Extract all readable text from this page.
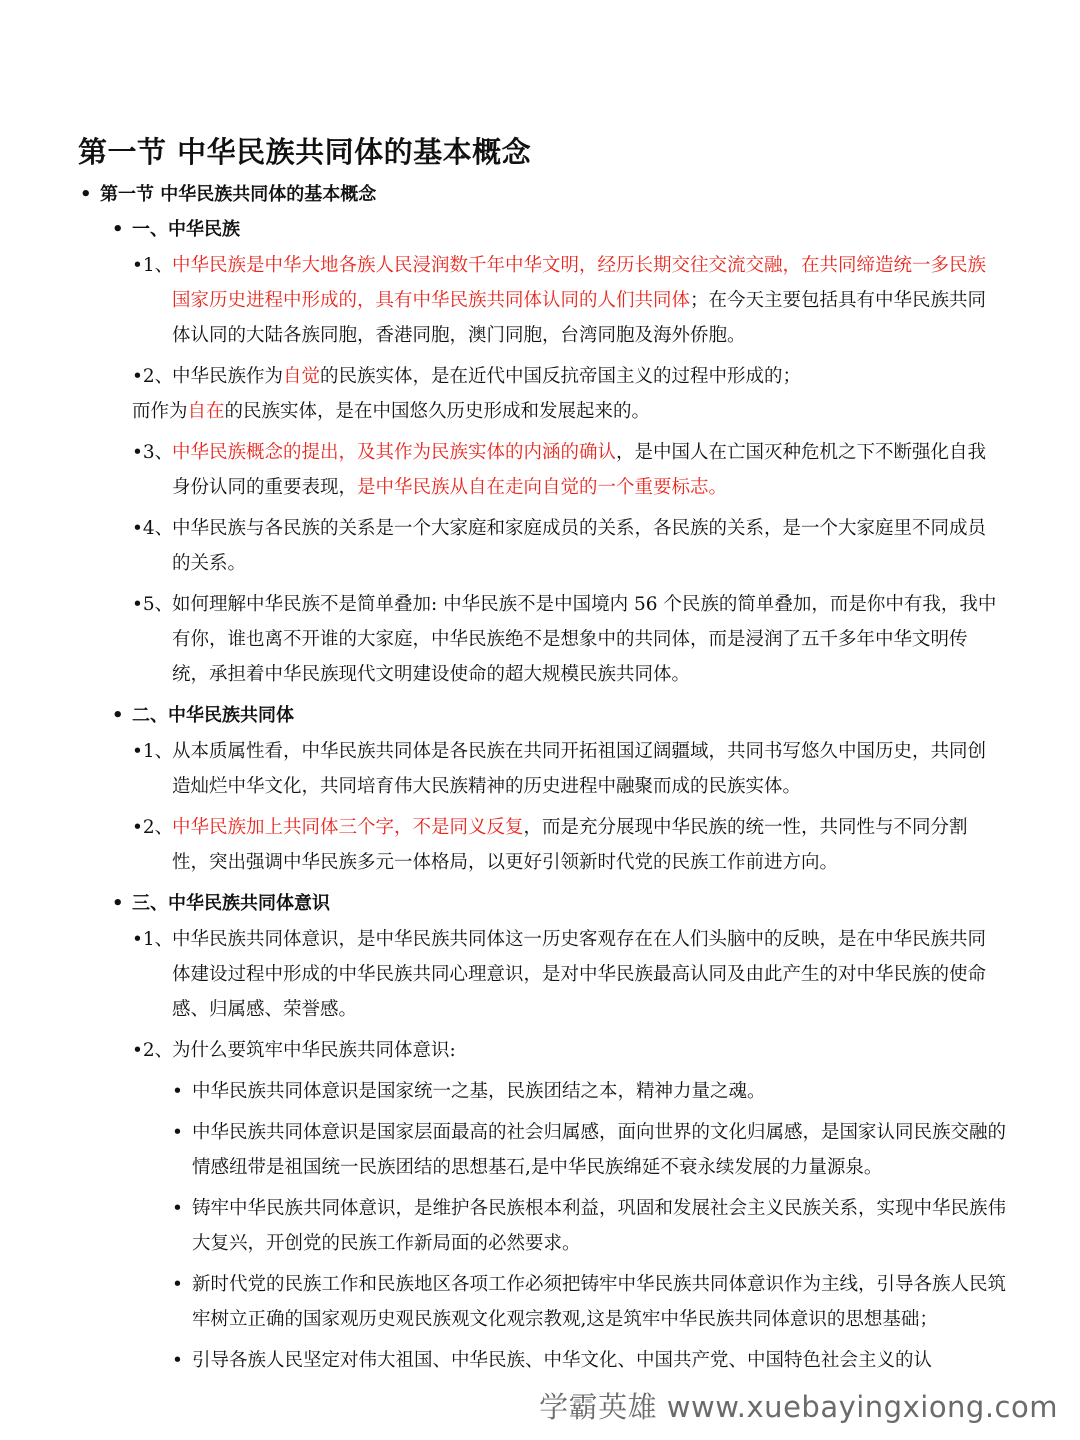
第一节 中华民族共同体的基本概念
• 第一节 中华民族共同体的基本概念
• 一、中华民族
•1、中华民族是中华大地各族人民浸润数千年中华文明，经历长期交往交流交融，在共同缔造统一多民族国家历史进程中形成的，具有中华民族共同体认同的人们共同体；在今天主要包括具有中华民族共同体认同的大陆各族同胞，香港同胞，澳门同胞，台湾同胞及海外侨胞。
•2、中华民族作为自觉的民族实体，是在近代中国反抗帝国主义的过程中形成的；
而作为自在的民族实体，是在中国悠久历史形成和发展起来的。
•3、中华民族概念的提出，及其作为民族实体的内涵的确认，是中国人在亡国灭种危机之下不断强化自我身份认同的重要表现，是中华民族从自在走向自觉的一个重要标志。
•4、中华民族与各民族的关系是一个大家庭和家庭成员的关系，各民族的关系，是一个大家庭里不同成员的关系。
•5、如何理解中华民族不是简单叠加: 中华民族不是中国境内 56 个民族的简单叠加，而是你中有我，我中有你，谁也离不开谁的大家庭，中华民族绝不是想象中的共同体，而是浸润了五千多年中华文明传统，承担着中华民族现代文明建设使命的超大规模民族共同体。
• 二、中华民族共同体
•1、从本质属性看，中华民族共同体是各民族在共同开拓祖国辽阔疆域，共同书写悠久中国历史，共同创造灿烂中华文化，共同培育伟大民族精神的历史进程中融聚而成的民族实体。
•2、中华民族加上共同体三个字，不是同义反复，而是充分展现中华民族的统一性，共同性与不同分割性，突出强调中华民族多元一体格局，以更好引领新时代党的民族工作前进方向。
• 三、中华民族共同体意识
•1、中华民族共同体意识，是中华民族共同体这一历史客观存在在人们头脑中的反映，是在中华民族共同体建设过程中形成的中华民族共同心理意识，是对中华民族最高认同及由此产生的对中华民族的使命感、归属感、荣誉感。
•2、为什么要筑牢中华民族共同体意识:
• 中华民族共同体意识是国家统一之基，民族团结之本，精神力量之魂。
• 中华民族共同体意识是国家层面最高的社会归属感，面向世界的文化归属感，是国家认同民族交融的情感纽带是祖国统一民族团结的思想基石,是中华民族绵延不衰永续发展的力量源泉。
• 铸牢中华民族共同体意识，是维护各民族根本利益，巩固和发展社会主义民族关系，实现中华民族伟大复兴，开创党的民族工作新局面的必然要求。
• 新时代党的民族工作和民族地区各项工作必须把铸牢中华民族共同体意识作为主线，引导各族人民筑牢树立正确的国家观历史观民族观文化观宗教观,这是筑牢中华民族共同体意识的思想基础；
• 引导各族人民坚定对伟大祖国、中华民族、中华文化、中国共产党、中国特色社会主义的认
学霸英雄 www.xuebayingxiong.com
